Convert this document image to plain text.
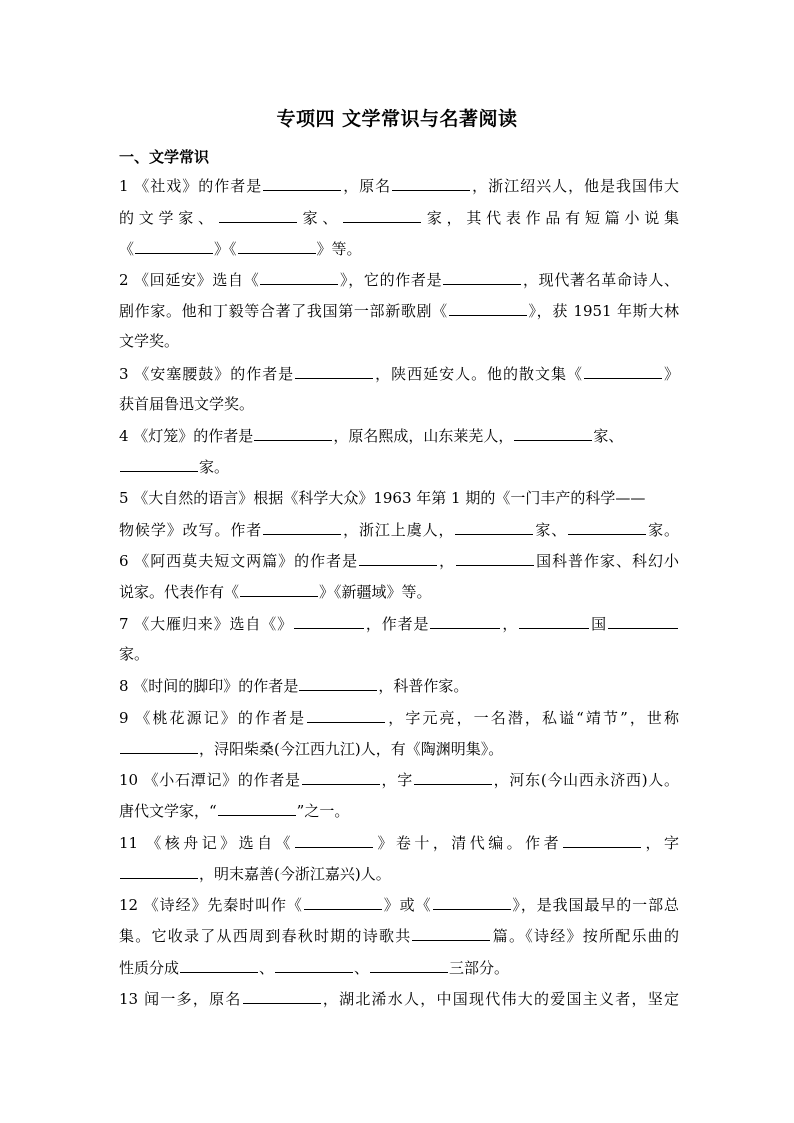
专项四 文学常识与名著阅读
一、文学常识
1 《社戏》的作者是	，原名	，浙江绍兴人，他是我国伟大
的文学家、	家、	家，其代表作品有短篇小说集
《	》《	》等。
2 《回延安》选自《	》，它的作者是	，现代著名革命诗人、
剧作家。他和丁毅等合著了我国第一部新歌剧《	》，获 1951 年斯大林
文学奖。
3 《安塞腰鼓》的作者是	，陕西延安人。他的散文集《	》
获首届鲁迅文学奖。
4 《灯笼》的作者是	，原名熙成，山东莱芜人，	家、
家。
5 《大自然的语言》根据《科学大众》1963 年第 1 期的《一门丰产的科学——
物候学》改写。作者	，浙江上虞人，	家、	家。
6 《阿西莫夫短文两篇》的作者是	，	国科普作家、科幻小
说家。代表作有《	》《新疆域》等。
7 《大雁归来》选自《》	，作者是	，	国
家。
8 《时间的脚印》的作者是	，科普作家。
9 《桃花源记》的作者是	，字元亮，一名潜，私谥“靖节”，世称
，浔阳柴桑(今江西九江)人，有《陶渊明集》。
10 《小石潭记》的作者是	，字	，河东(今山西永济西)人。
唐代文学家，“	”之一。
11 《核舟记》选自《	》卷十，清代编。作者	，字
，明末嘉善(今浙江嘉兴)人。
12 《诗经》先秦时叫作《	》或《	》，是我国最早的一部总
集。它收录了从西周到春秋时期的诗歌共	篇。《诗经》按所配乐曲的
性质分成	、	、	三部分。
13 闻一多，原名	，湖北浠水人，中国现代伟大的爱国主义者，坚定
